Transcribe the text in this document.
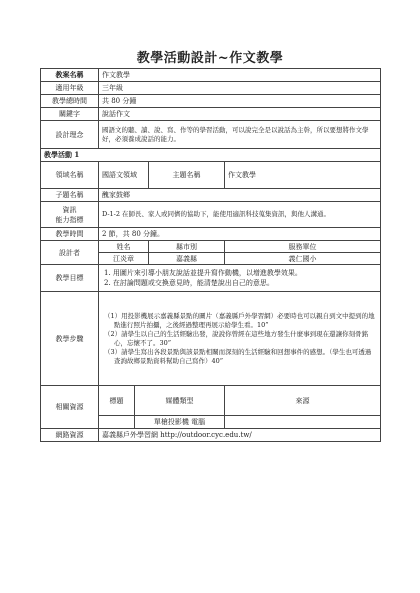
教學活動設計~作文教學
教案名稱	作文教學			
適用年級	三年級			
教學總時間	共 80 分鐘			
關鍵字	說話作文			
設計理念	國語文的聽、讀、說、寫、作等的學習活動，可以說完全是以說話為主幹，所以要想將作文學好，必須養成說話的能力。			
教學活動 1				
領域名稱	國語文領域		主題名稱	作文教學
子題名稱	醜家鼓鄉			
資訊
能力指標	D-1-2 在師長、家人或同儕的協助下，能使用適訊科技蒐集資訊，與他人溝通。			
教學時間	2 節，共 80 分鐘。			
設計者	姓名		縣市別	服務單位
	江炎章		嘉義縣	義仁國小
教學目標	1. 用圖片來引導小朋友說話並提升寫作動機，以增進教學效果。
2. 在討論問題或交換意見時，能清楚說出自己的意思。			

教學步驟	（1）用投影機展示嘉義縣景點的圖片（嘉義縣戶外學習網）必要時也可以親自到文中提到的地點進行照片拍攝，之後經過整理再展示給學生看。10”
（2）請學生以自己的生活經驗出發，說說你曾經在這些地方發生什麼事到現在還讓你刻骨銘心，忘懷不了。30”
（3）請學生寫出各段景點與該景點相關而深刻的生活經驗和回想事件的感想。（學生也可透過查詢故鄉景點資料幫助自己寫作）40”			

相關資源	標題	媒體類型		來源
		單槍投影機 電腦		
網路資源	嘉義縣戶外學習網 http://outdoor.cyc.edu.tw/			
